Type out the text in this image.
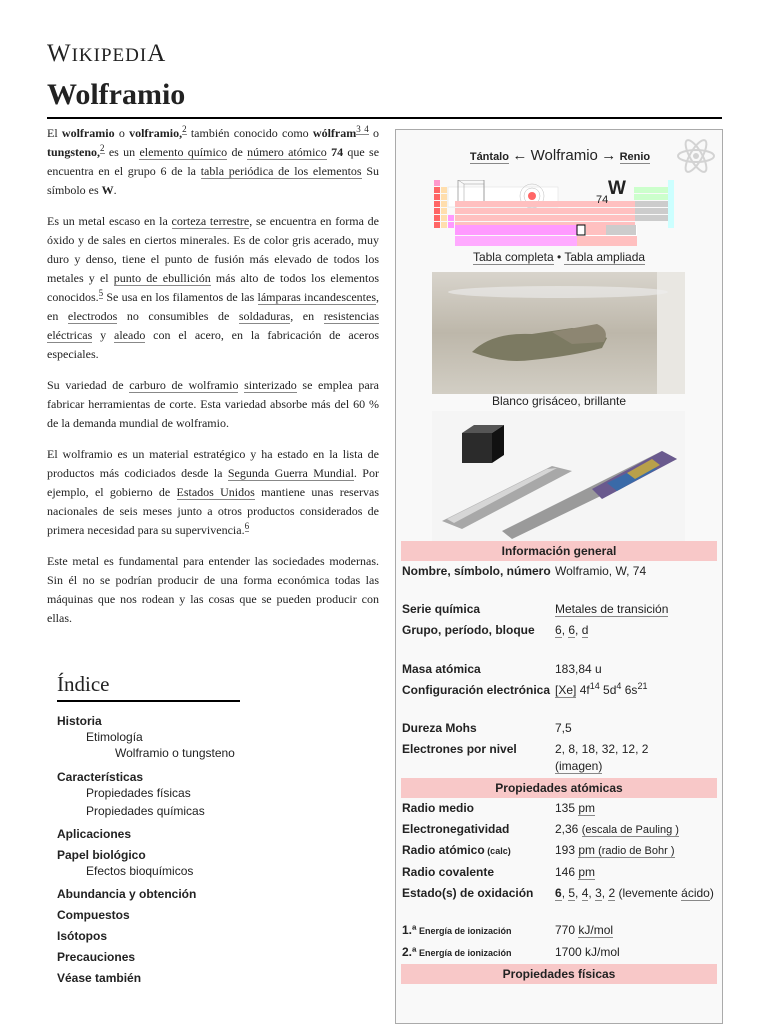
WIKIPEDIA
Wolframio

El wolframio o volframio,$^2$ también conocido como wólfram$^{3 4}$ o tungsteno,$^2$ es un elemento químico de número atómico 74 que se encuentra en el grupo 6 de la tabla periódica de los elementos Su símbolo es W.

Es un metal escaso en la corteza terrestre, se encuentra en forma de óxido y de sales en ciertos minerales. Es de color gris acerado, muy duro y denso, tiene el punto de fusión más elevado de todos los metales y el punto de ebullición más alto de todos los elementos conocidos.$^5$ Se usa en los filamentos de las lámparas incandescentes, en electrodos no consumibles de soldaduras, en resistencias eléctricas y aleado con el acero, en la fabricación de aceros especiales.

Su variedad de carburo de wolframio sinterizado se emplea para fabricar herramientas de corte. Esta variedad absorbe más del 60 % de la demanda mundial de wolframio.

El wolframio es un material estratégico y ha estado en la lista de productos más codiciados desde la Segunda Guerra Mundial. Por ejemplo, el gobierno de Estados Unidos mantiene unas reservas nacionales de seis meses junto a otros productos considerados de primera necesidad para su supervivencia.$^6$

Este metal es fundamental para entender las sociedades modernas. Sin él no se podrían producir de una forma económica todas las máquinas que nos rodean y las cosas que se pueden producir con ellas.

Índice
Historia
Etimología
Wolframio o tungsteno
Características
Propiedades físicas
Propiedades químicas
Aplicaciones
Papel biológico
Efectos bioquímicos
Abundancia y obtención
Compuestos
Isótopos
Precauciones
Véase también
Tántalo ← Wolframio → Renio
74
W
Tabla completa • Tabla ampliada
Blanco grisáceo, brillante
Información general
Nombre, símbolo, número Wolframio, W, 74
Serie química	Metales de transición
Grupo, período, bloque	6, 6, d
Masa atómica	183,84 u
Configuración electrónica [Xe] $4f^{14}$ $5d^4$ $6s^{21}$
Dureza Mohs	7,5
Electrones por nivel	2, 8, 18, 32, 12, 2
(imagen)
Propiedades atómicas
Radio medio	135 pm
Electronegatividad	2,36 (escala de Pauling )
Radio atómico (calc)	193 pm (radio de Bohr )
Radio covalente	146 pm
Estado(s) de oxidación	6, 5, 4, 3, 2 (levemente ácido)
1.ª Energía de ionización	770 kJ/mol
2.ª Energía de ionización	1700 kJ/mol
Propiedades físicas
